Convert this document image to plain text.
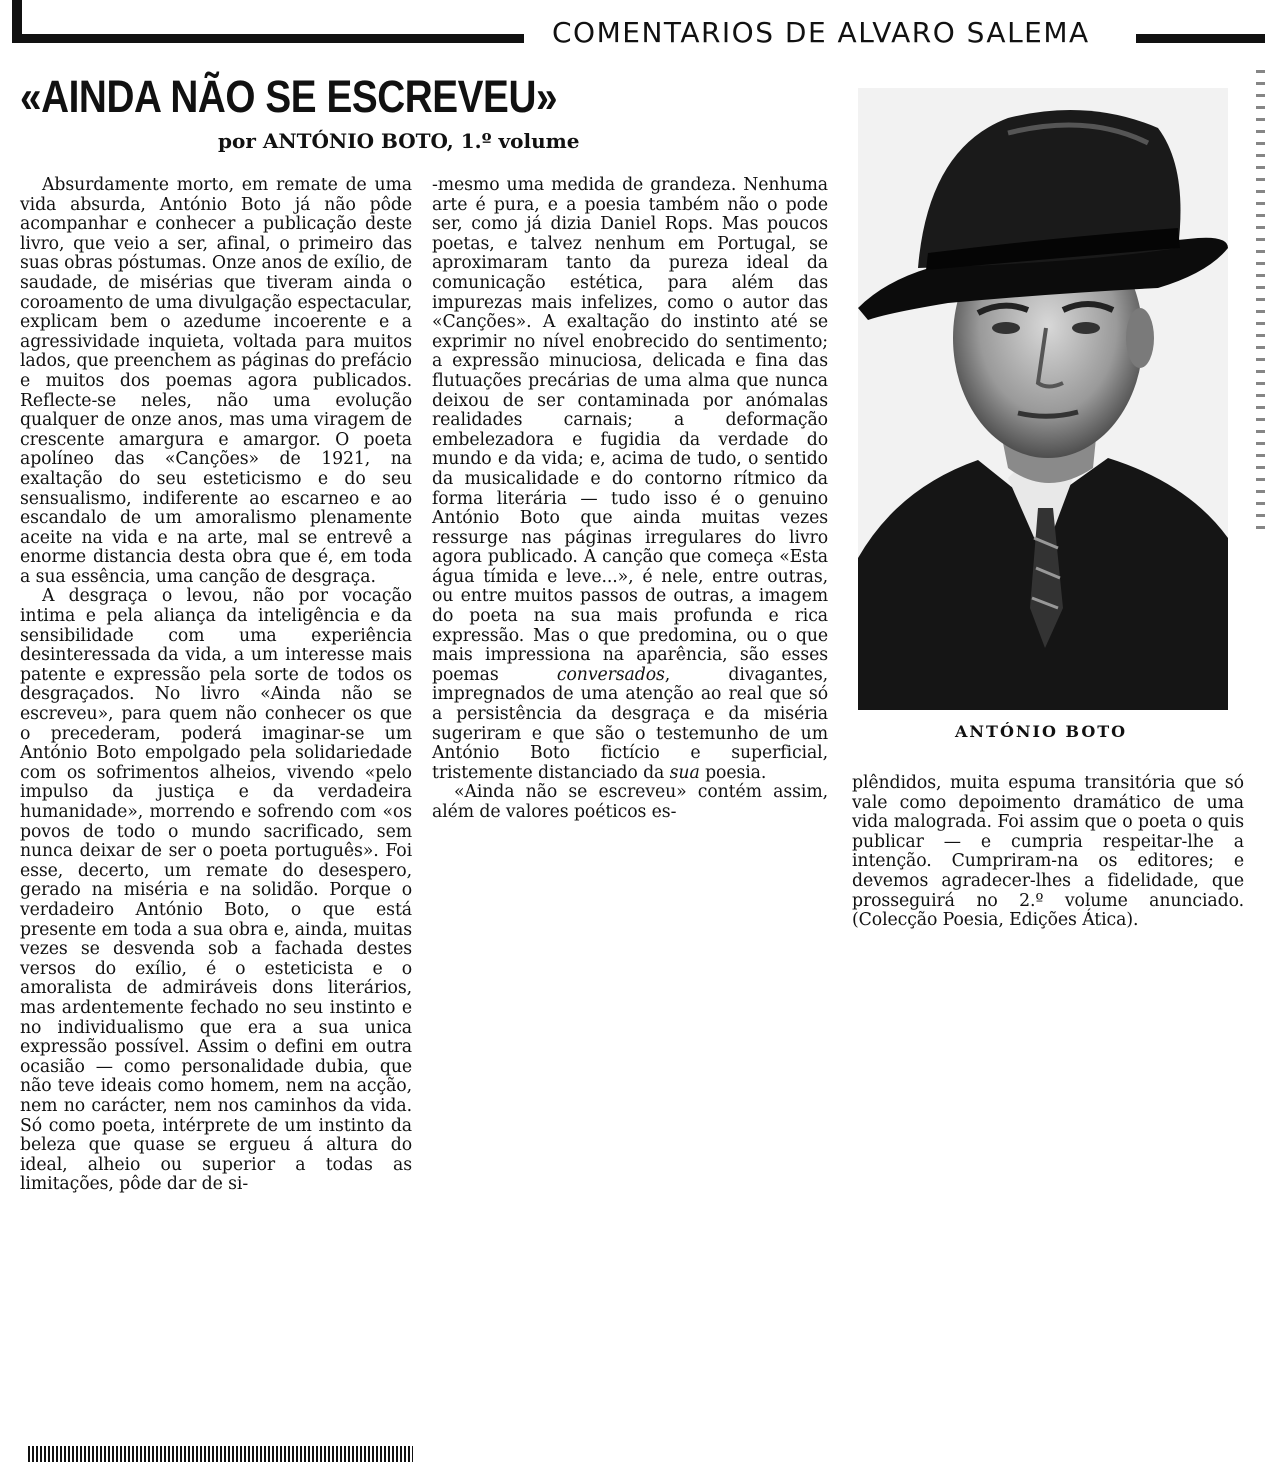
COMENTARIOS DE ALVARO SALEMA
«AINDA NÃO SE ESCREVEU»
por ANTÓNIO BOTO, 1.º volume

Absurdamente morto, em remate de uma vida absurda, António Boto já não pôde acompanhar e conhecer a publicação deste livro, que veio a ser, afinal, o primeiro das suas obras póstumas. Onze anos de exílio, de saudade, de misérias que tiveram ainda o coroamento de uma divulgação espectacular, explicam bem o azedume incoerente e a agressividade inquieta, voltada para muitos lados, que preenchem as páginas do prefácio e muitos dos poemas agora publicados. Reflecte-se neles, não uma evolução qualquer de onze anos, mas uma viragem de crescente amargura e amargor. O poeta apolíneo das «Canções» de 1921, na exaltação do seu esteticismo e do seu sensualismo, indiferente ao escarneo e ao escandalo de um amoralismo plenamente aceite na vida e na arte, mal se entrevê a enorme distancia desta obra que é, em toda a sua essência, uma canção de desgraça.

A desgraça o levou, não por vocação intima e pela aliança da inteligência e da sensibilidade com uma experiência desinteressada da vida, a um interesse mais patente e expressão pela sorte de todos os desgraçados. No livro «Ainda não se escreveu», para quem não conhecer os que o precederam, poderá imaginar-se um António Boto empolgado pela solidariedade com os sofrimentos alheios, vivendo «pelo impulso da justiça e da verdadeira humanidade», morrendo e sofrendo com «os povos de todo o mundo sacrificado, sem nunca deixar de ser o poeta português». Foi esse, decerto, um remate do desespero, gerado na miséria e na solidão. Porque o verdadeiro António Boto, o que está presente em toda a sua obra e, ainda, muitas vezes se desvenda sob a fachada destes versos do exílio, é o esteticista e o amoralista de admiráveis dons literários, mas ardentemente fechado no seu instinto e no individualismo que era a sua unica expressão possível. Assim o defini em outra ocasião — como personalidade dubia, que não teve ideais como homem, nem na acção, nem no carácter, nem nos caminhos da vida. Só como poeta, intérprete de um instinto da beleza que quase se ergueu á altura do ideal, alheio ou superior a todas as limitações, pôde dar de si-

-mesmo uma medida de grandeza. Nenhuma arte é pura, e a poesia também não o pode ser, como já dizia Daniel Rops. Mas poucos poetas, e talvez nenhum em Portugal, se aproximaram tanto da pureza ideal da comunicação estética, para além das impurezas mais infelizes, como o autor das «Canções». A exaltação do instinto até se exprimir no nível enobrecido do sentimento; a expressão minuciosa, delicada e fina das flutuações precárias de uma alma que nunca deixou de ser contaminada por anómalas realidades carnais; a deformação embelezadora e fugidia da verdade do mundo e da vida; e, acima de tudo, o sentido da musicalidade e do contorno rítmico da forma literária — tudo isso é o genuino António Boto que ainda muitas vezes ressurge nas páginas irregulares do livro agora publicado. A canção que começa «Esta água tímida e leve...», é nele, entre outras, ou entre muitos passos de outras, a imagem do poeta na sua mais profunda e rica expressão. Mas o que predomina, ou o que mais impressiona na aparência, são esses poemas	conversados, divagantes, impregnados de uma atenção ao real que só a persistência da desgraça e da miséria sugeriram e que são o testemunho de um António Boto fictício e superficial, tristemente distanciado da sua poesia.

«Ainda não se escreveu» contém assim, além de valores poéticos es-

ANTÓNIO BOTO

plêndidos, muita espuma transitória que só vale como depoimento dramático de uma vida malograda. Foi assim que o poeta o quis publicar — e cumpria respeitar-lhe a intenção. Cumpriram-na os editores; e devemos agradecer-lhes a fidelidade, que prosseguirá no 2.º volume anunciado. (Colecção Poesia, Edições Ática).
